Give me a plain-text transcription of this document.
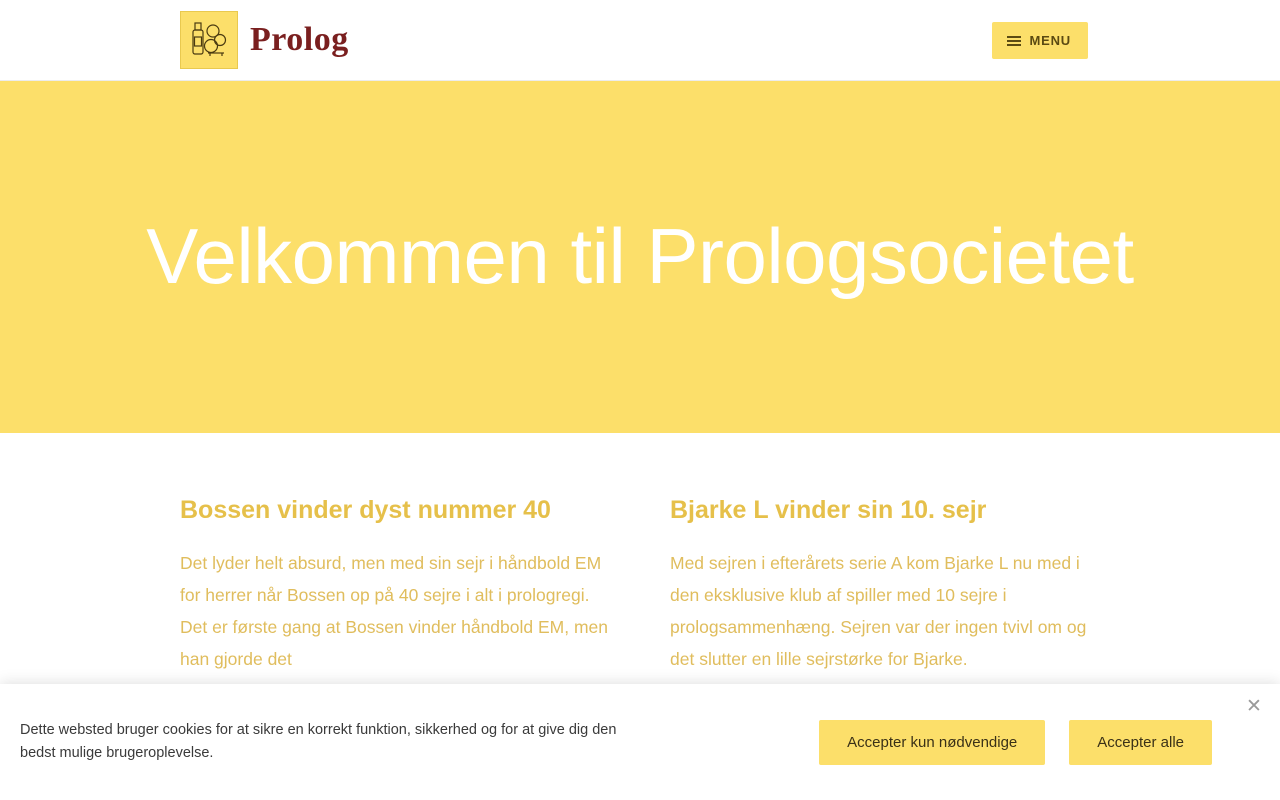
Prolog	MENU
Velkommen til Prologsocietet
Bossen vinder dyst nummer 40

Det lyder helt absurd, men med sin sejr i håndbold EM for herrer når Bossen op på 40 sejre i alt i prologregi. Det er første gang at Bossen vinder håndbold EM, men han gjorde det

Bjarke L vinder sin 10. sejr

Med sejren i efterårets serie A kom Bjarke L nu med i den eksklusive klub af spiller med 10 sejre i prologsammenhæng. Sejren var der ingen tvivl om og det slutter en lille sejrstørke for Bjarke.

Dette websted bruger cookies for at sikre en korrekt funktion, sikkerhed og for at give dig den bedst mulige brugeroplevelse.

Accepter kun nødvendige	Accepter alle
✕
